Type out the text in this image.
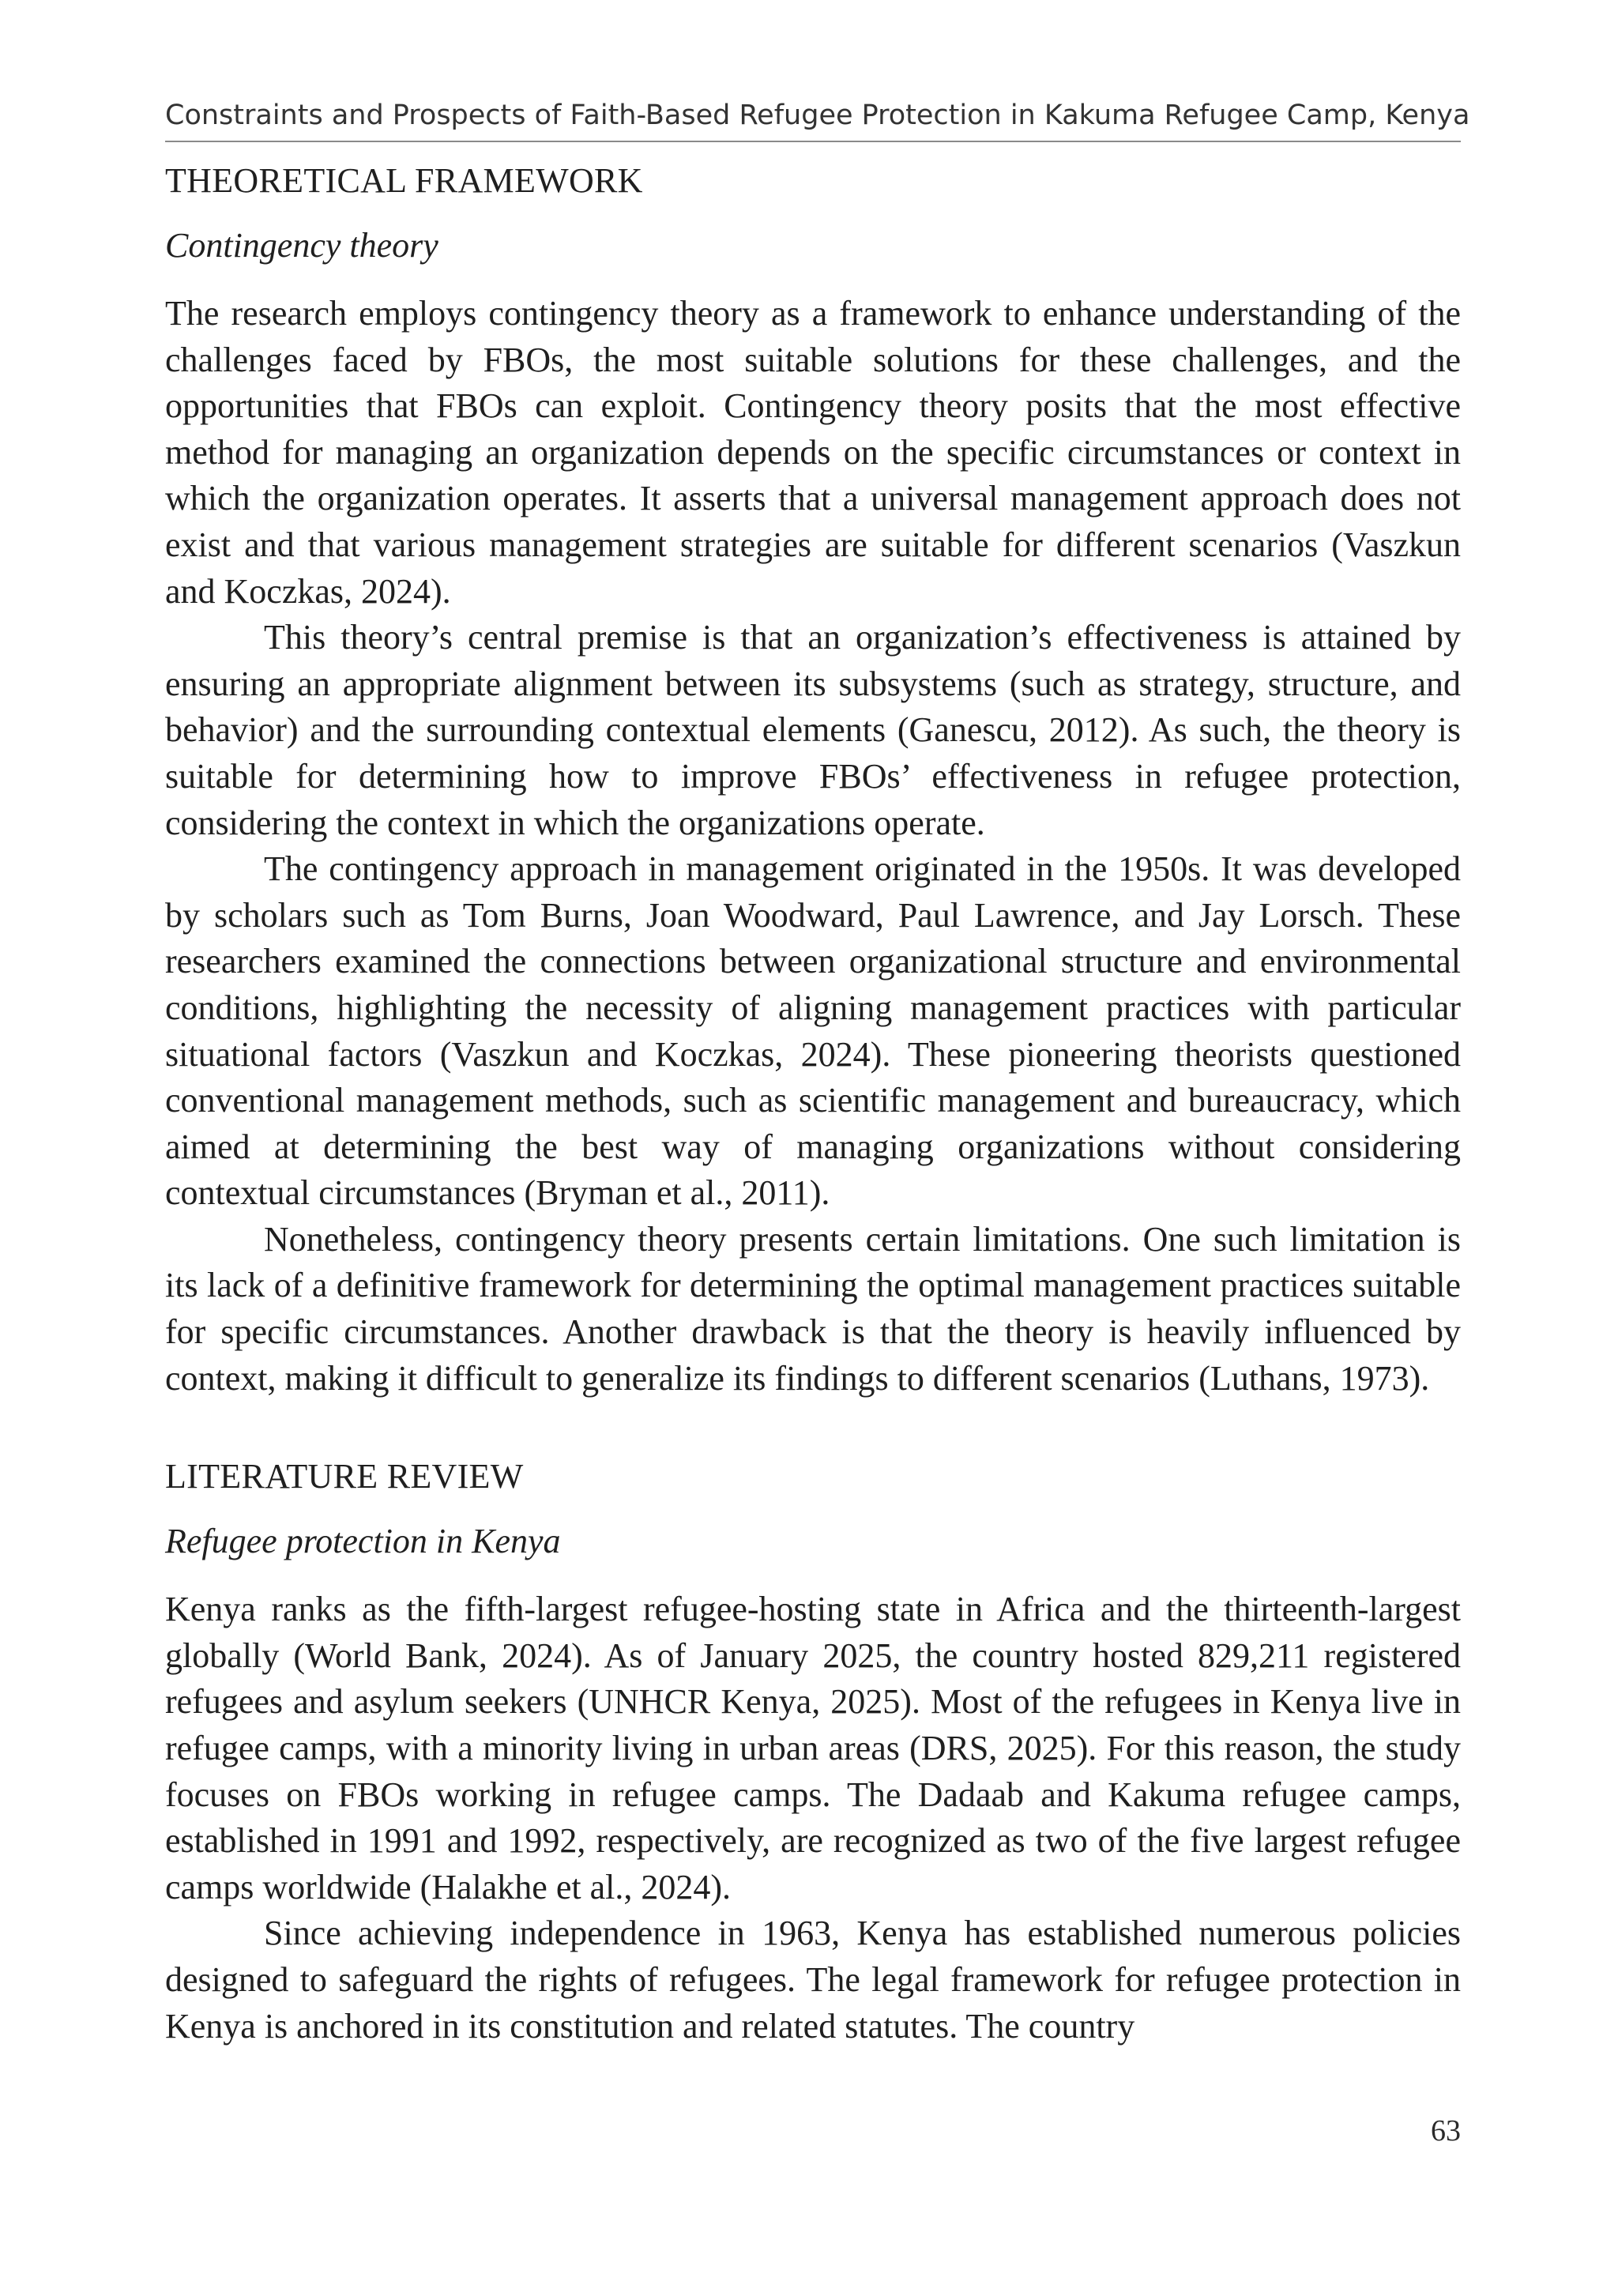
Constraints and Prospects of Faith-Based Refugee Protection in Kakuma Refugee Camp, Kenya
THEORETICAL FRAMEWORK
Contingency theory

The research employs contingency theory as a framework to enhance understanding of the challenges faced by FBOs, the most suitable solutions for these challenges, and the opportunities that FBOs can exploit. Contingency theory posits that the most effective method for managing an organization depends on the specific circumstances or context in which the organization operates. It asserts that a universal management approach does not exist and that various management strategies are suitable for different scenarios (Vaszkun and Koczkas, 2024).

This theory’s central premise is that an organization’s effectiveness is attained by ensuring an appropriate alignment between its subsystems (such as strategy, structure, and behavior) and the surrounding contextual elements (Ganescu, 2012). As such, the theory is suitable for determining how to improve FBOs’ effectiveness in refugee protection, considering the context in which the organizations operate.

The contingency approach in management originated in the 1950s. It was developed by scholars such as Tom Burns, Joan Woodward, Paul Lawrence, and Jay Lorsch. These researchers examined the connections between organizational structure and environmental conditions, highlighting the necessity of aligning management practices with particular situational factors (Vaszkun and Koczkas, 2024). These pioneering theorists questioned conventional management methods, such as scientific management and bureaucracy, which aimed at determining the best way of managing organizations without considering contextual circumstances (Bryman et al., 2011).

Nonetheless, contingency theory presents certain limitations. One such limitation is its lack of a definitive framework for determining the optimal management practices suitable for specific circumstances. Another drawback is that the theory is heavily influenced by context, making it difficult to generalize its findings to different scenarios (Luthans, 1973).

LITERATURE REVIEW
Refugee protection in Kenya

Kenya ranks as the fifth-largest refugee-hosting state in Africa and the thirteenth-largest globally (World Bank, 2024). As of January 2025, the country hosted 829,211 registered refugees and asylum seekers (UNHCR Kenya, 2025). Most of the refugees in Kenya live in refugee camps, with a minority living in urban areas (DRS, 2025). For this reason, the study focuses on FBOs working in refugee camps. The Dadaab and Kakuma refugee camps, established in 1991 and 1992, respectively, are recognized as two of the five largest refugee camps worldwide (Halakhe et al., 2024).

Since achieving independence in 1963, Kenya has established numerous policies designed to safeguard the rights of refugees. The legal framework for refugee protection in Kenya is anchored in its constitution and related statutes. The country

63
